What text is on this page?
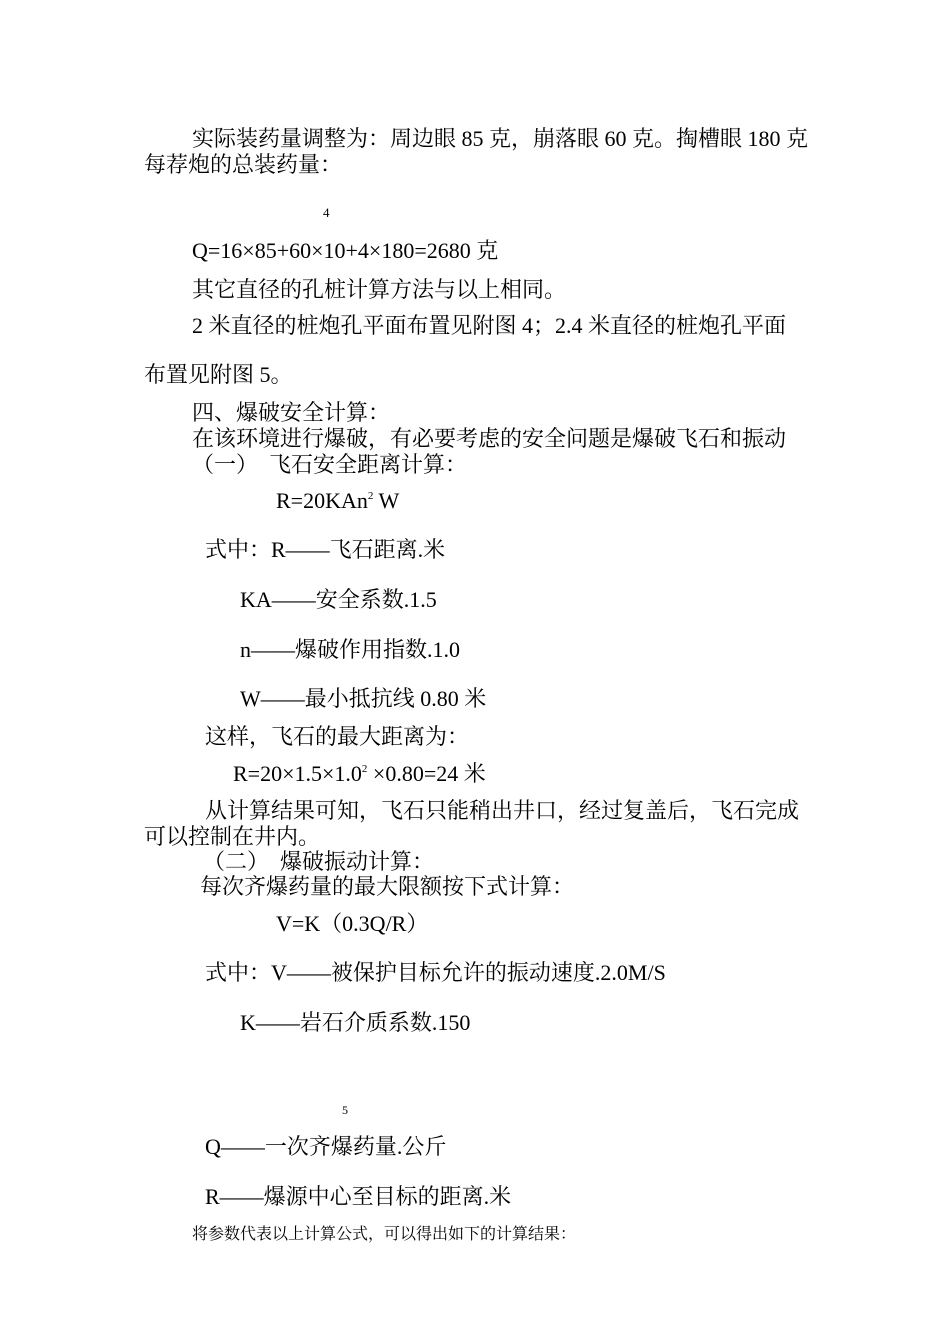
实际装药量调整为：周边眼 85 克，崩落眼 60 克。掏槽眼 180 克
每荐炮的总装药量：
4
Q=16×85+60×10+4×180=2680 克
其它直径的孔桩计算方法与以上相同。
2 米直径的桩炮孔平面布置见附图 4；2.4 米直径的桩炮孔平面
布置见附图 5。
四、爆破安全计算：
在该环境进行爆破，有必要考虑的安全问题是爆破飞石和振动
（一）　飞石安全距离计算：
R=20KAn$^2$ W
式中：R——飞石距离.米
KA——安全系数.1.5
n——爆破作用指数.1.0
W——最小抵抗线 0.80 米
这样，飞石的最大距离为：
$R=20\times 1.5\times 1.0^2 \times 0.80=24$ 米
从计算结果可知，飞石只能稍出井口，经过复盖后，飞石完成
可以控制在井内。
（二）　爆破振动计算：
每次齐爆药量的最大限额按下式计算：
V=K（0.3Q/R）
式中：V——被保护目标允许的振动速度.2.0M/S
K——岩石介质系数.150
5
Q——一次齐爆药量.公斤
R——爆源中心至目标的距离.米
将参数代表以上计算公式，可以得出如下的计算结果：
